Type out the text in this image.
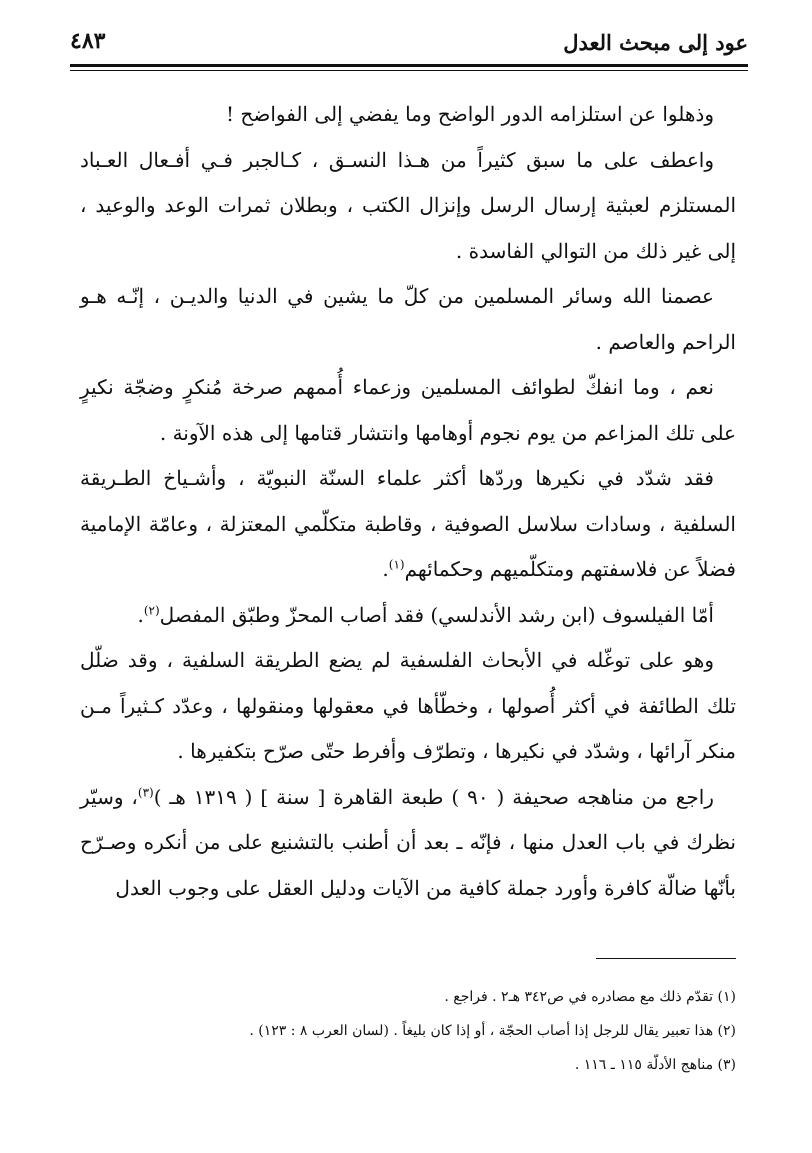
عود إلى مبحث العدل
٤٨٣

وذهلوا عن استلزامه الدور الواضح وما يفضي إلى الفواضح !

واعطف على ما سبق كثيراً من هـذا النسـق ، كـالجبر فـي أفـعال العـباد المستلزم لعبثية إرسال الرسل وإنزال الكتب ، وبطلان ثمرات الوعد والوعيد ، إلى غير ذلك من التوالي الفاسدة .

عصمنا الله وسائر المسلمين من كلّ ما يشين في الدنيا والديـن ، إنّـه هـو الراحم والعاصم .

نعم ، وما انفكّ لطوائف المسلمين وزعماء أُممهم صرخة مُنكرٍ وضجّة نكيرٍ على تلك المزاعم من يوم نجوم أوهامها وانتشار قتامها إلى هذه الآونة .

فقد شدّد في نكيرها وردّها أكثر علماء السنّة النبويّة ، وأشـياخ الطـريقة السلفية ، وسادات سلاسل الصوفية ، وقاطبة متكلّمي المعتزلة ، وعامّة الإمامية فضلاً عن فلاسفتهم ومتكلّميهم وحكمائهم$^{(١)}$.

أمّا الفيلسوف (ابن رشد الأندلسي) فقد أصاب المحزّ وطبّق المفصل$^{(٢)}$.

وهو على توغّله في الأبحاث الفلسفية لم يضع الطريقة السلفية ، وقد ضلّل تلك الطائفة في أكثر أُصولها ، وخطّأها في معقولها ومنقولها ، وعدّد كـثيراً مـن منكر آرائها ، وشدّد في نكيرها ، وتطرّف وأفرط حتّى صرّح بتكفيرها .

راجع من مناهجه صحيفة ( ٩٠ ) طبعة القاهرة [ سنة ] ( ١٣١٩ هـ )$^{(٣)}$، وسيّر نظرك في باب العدل منها ، فإنّه ـ بعد أن أطنب بالتشنيع على من أنكره وصـرّح بأنّها ضالّة كافرة وأورد جملة كافية من الآيات ودليل العقل على وجوب العدل

(١) تقدّم ذلك مع مصادره في ص٣٤٢ هـ٢ . فراجع .

(٢) هذا تعبير يقال للرجل إذا أصاب الحجّة ، أو إذا كان بليغاً . (لسان العرب ٨ : ١٢٣) .

(٣) مناهج الأدلّة ١١٥ ـ ١١٦ .
